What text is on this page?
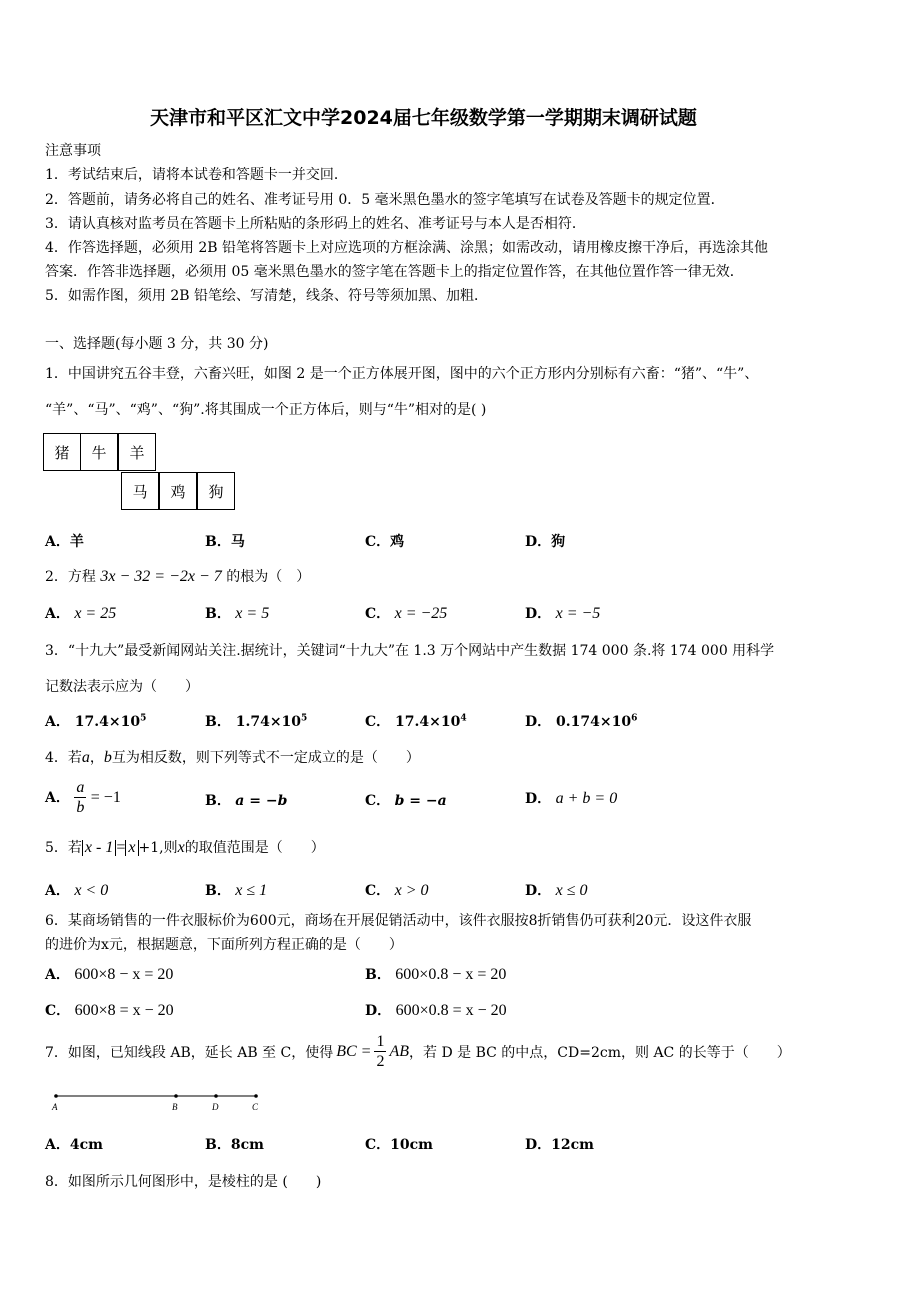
天津市和平区汇文中学2024届七年级数学第一学期期末调研试题
注意事项
1．考试结束后，请将本试卷和答题卡一并交回．
2．答题前，请务必将自己的姓名、准考证号用 0．5 毫米黑色墨水的签字笔填写在试卷及答题卡的规定位置．
3．请认真核对监考员在答题卡上所粘贴的条形码上的姓名、准考证号与本人是否相符．
4．作答选择题，必须用 2B 铅笔将答题卡上对应选项的方框涂满、涂黑；如需改动，请用橡皮擦干净后，再选涂其他
答案．作答非选择题，必须用 05 毫米黑色墨水的签字笔在答题卡上的指定位置作答，在其他位置作答一律无效．
5．如需作图，须用 2B 铅笔绘、写清楚，线条、符号等须加黑、加粗．
一、选择题(每小题 3 分，共 30 分)
1．中国讲究五谷丰登，六畜兴旺，如图 2 是一个正方体展开图，图中的六个正方形内分别标有六畜：“猪”、“牛”、
“羊”、“马”、“鸡”、“狗”.将其围成一个正方体后，则与“牛”相对的是( )
猪	牛	羊
马	鸡	狗
A．羊	B．马	C．鸡	D．狗
2．方程 3x − 32 = −2x − 7 的根为（　）
A． x = 25	B． x = 5	C． x = −25	D． x = −5
3．“十九大”最受新闻网站关注.据统计，关键词“十九大”在 1.3 万个网站中产生数据 174 000 条.将 174 000 用科学
记数法表示应为（　　）
A． $17.4\times 10^5$	B． $1.74\times 10^5$	C． $17.4\times 10^4$	D． $0.174\times 10^6$
4．若a，b互为相反数，则下列等式不一定成立的是（　　）
A． $\frac{a}{b} = -1$	B． a = −b	C． b = −a	D． a + b = 0
5．若 x - 1 = x +1,则x的取值范围是（　　）
A． x < 0	B． x ≤ 1	C． x > 0	D． x ≤ 0
6．某商场销售的一件衣服标价为600元，商场在开展促销活动中，该件衣服按8折销售仍可获利20元．设这件衣服
的进价为x元，根据题意，下面所列方程正确的是（　　）
A． 600×8 − x = 20	B． 600×0.8 − x = 20
C． 600×8 = x − 20	D． 600×0.8 = x − 20
7．如图，已知线段 AB，延长 AB 至 C，使得 BC = $\frac{1}{2}$ AB ，若 D 是 BC 的中点，CD=2cm，则 AC 的长等于（　　）
A	B	D	C
A．4cm	B．8cm	C．10cm	D．12cm
8．如图所示几何图形中，是棱柱的是 (　　)
